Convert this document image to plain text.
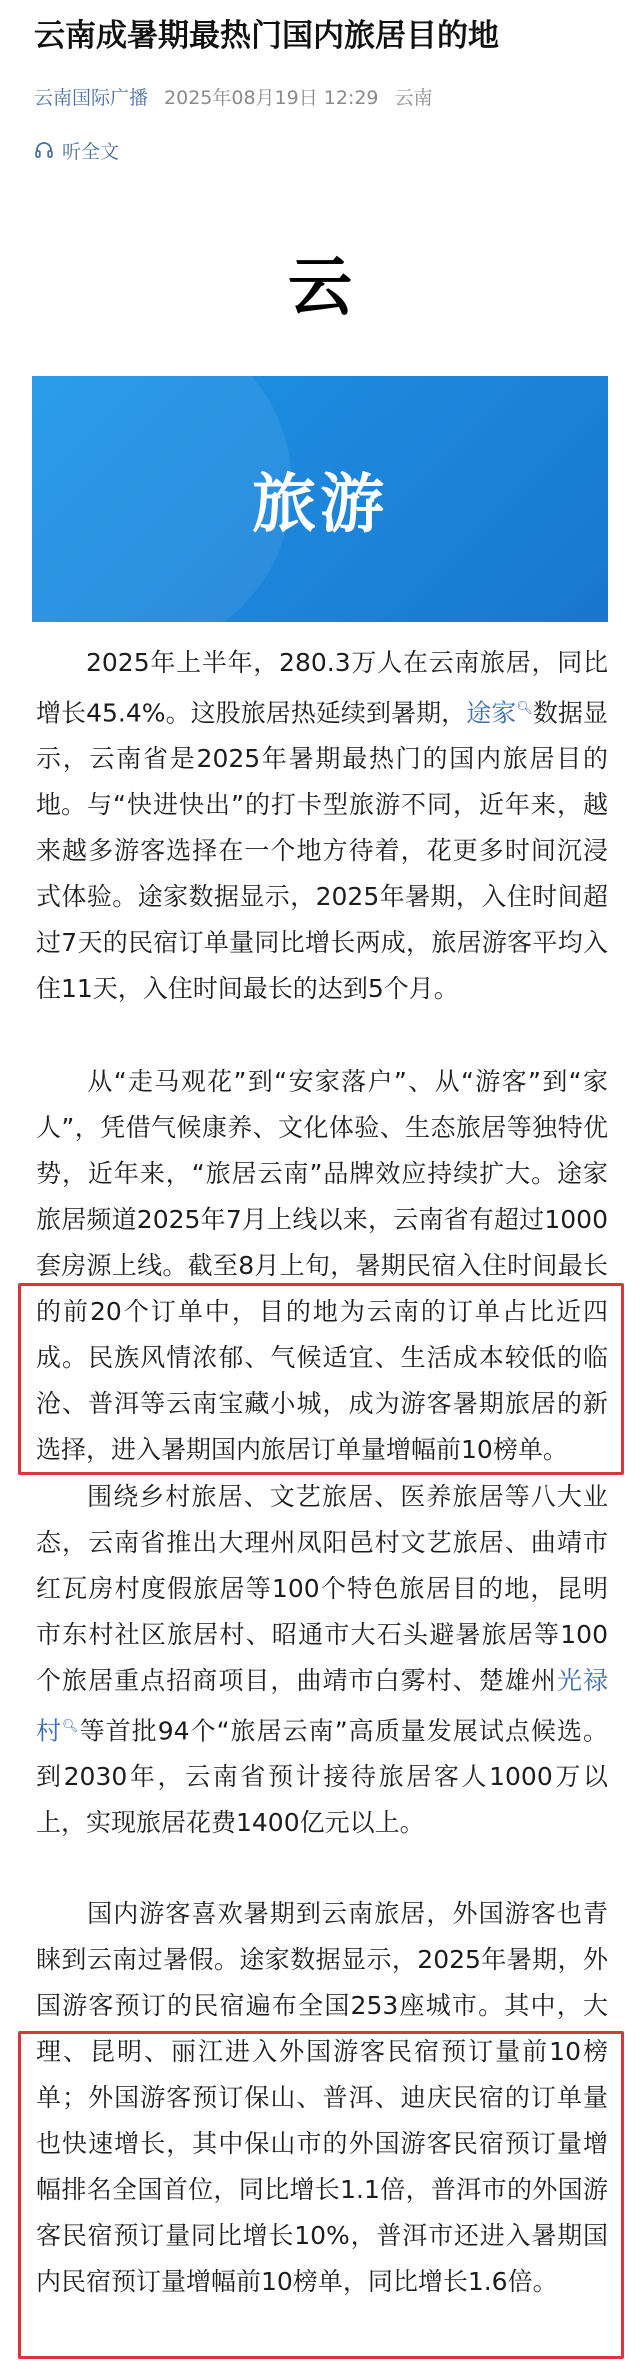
云南成暑期最热门国内旅居目的地
云南国际广播 2025年08月19日 12:29 云南
听全文
云
旅游

2025年上半年，280.3万人在云南旅居，同比增长45.4%。这股旅居热延续到暑期，途家🔍︎数据显示，云南省是2025年暑期最热门的国内旅居目的地。 与“快进快出”的打卡型旅游不同，近年来，越来越多游客选择在一个地方待着，花更多时间沉浸式体验。途家数据显示，2025年暑期，入住时间超过7天的民宿订单量同比增长两成，旅居游客平均入住11天，入住时间最长的达到5个月。

从“走马观花”到“安家落户”、从“游客”到“家人”，凭借气候康养、文化体验、生态旅居等独特优势，近年来，“旅居云南”品牌效应持续扩大。途家旅居频道2025年7月上线以来，云南省有超过1000套房源上线。截至8月上旬，暑期民宿入住时间最长的前20个订单中，目的地为云南的订单占比近四成。民族风情浓郁、气候适宜、生活成本较低的临沧、普洱等云南宝藏小城，成为游客暑期旅居的新选择，进入暑期国内旅居订单量增幅前10榜单。

围绕乡村旅居、文艺旅居、医养旅居等八大业态，云南省推出大理州凤阳邑村文艺旅居、曲靖市红瓦房村度假旅居等100个特色旅居目的地，昆明市东村社区旅居村、昭通市大石头避暑旅居等100个旅居重点招商项目，曲靖市白雾村、楚雄州光禄村🔍︎等首批94个“旅居云南”高质量发展试点候选。到2030年，云南省预计接待旅居客人1000万以上，实现旅居花费1400亿元以上。

国内游客喜欢暑期到云南旅居，外国游客也青睐到云南过暑假。途家数据显示，2025年暑期，外国游客预订的民宿遍布全国253座城市。其中，大理、昆明、丽江进入外国游客民宿预订量前10榜单；外国游客预订保山、普洱、迪庆民宿的订单量也快速增长，其中保山市的外国游客民宿预订量增幅排名全国首位，同比增长1.1倍，普洱市的外国游客民宿预订量同比增长10%，普洱市还进入暑期国内民宿预订量增幅前10榜单，同比增长1.6倍。
